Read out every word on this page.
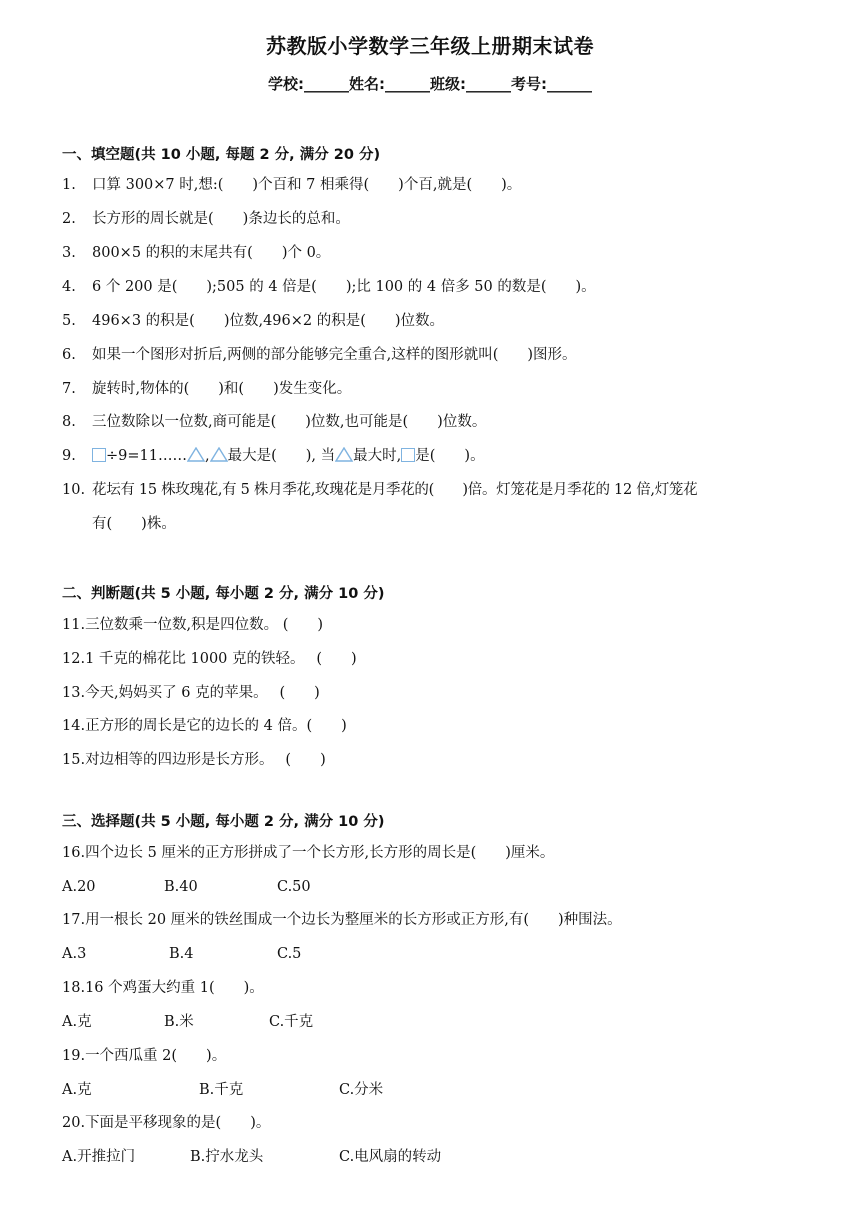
苏教版小学数学三年级上册期末试卷
学校:______姓名:______班级:______考号:______
一、填空题(共 10 小题, 每题 2 分, 满分 20 分)
1. 口算 300×7 时,想:(　　)个百和 7 相乘得(　　)个百,就是(　　)。
2. 长方形的周长就是(　　)条边长的总和。
3. 800×5 的积的末尾共有(　　)个 0。
4. 6 个 200 是(　　);505 的 4 倍是(　　);比 100 的 4 倍多 50 的数是(　　)。
5. 496×3 的积是(　　)位数,496×2 的积是(　　)位数。
6. 如果一个图形对折后,两侧的部分能够完全重合,这样的图形就叫(　　)图形。
7. 旋转时,物体的(　　)和(　　)发生变化。
8. 三位数除以一位数,商可能是(　　)位数,也可能是(　　)位数。
9. ÷9=11…… , 最大是(　　), 当 最大时, 是(　　)。
10. 花坛有 15 株玫瑰花,有 5 株月季花,玫瑰花是月季花的(　　)倍。灯笼花是月季花的 12 倍,灯笼花
有(　　)株。
二、判断题(共 5 小题, 每小题 2 分, 满分 10 分)
11.三位数乘一位数,积是四位数。 (　　)
12.1 千克的棉花比 1000 克的铁轻。　 (　　)
13.今天,妈妈买了 6 克的苹果。　 (　　)
14.正方形的周长是它的边长的 4 倍。(　　)
15.对边相等的四边形是长方形。　 (　　)
三、选择题(共 5 小题, 每小题 2 分, 满分 10 分)
16.四个边长 5 厘米的正方形拼成了一个长方形,长方形的周长是(　　)厘米。
A.20	B.40	C.50
17.用一根长 20 厘米的铁丝围成一个边长为整厘米的长方形或正方形,有(　　)种围法。
A.3	B.4	C.5
18.16 个鸡蛋大约重 1(　　)。
A.克	B.米	C.千克
19.一个西瓜重 2(　　)。
A.克	B.千克	C.分米
20.下面是平移现象的是(　　)。
A.开推拉门	B.拧水龙头	C.电风扇的转动
